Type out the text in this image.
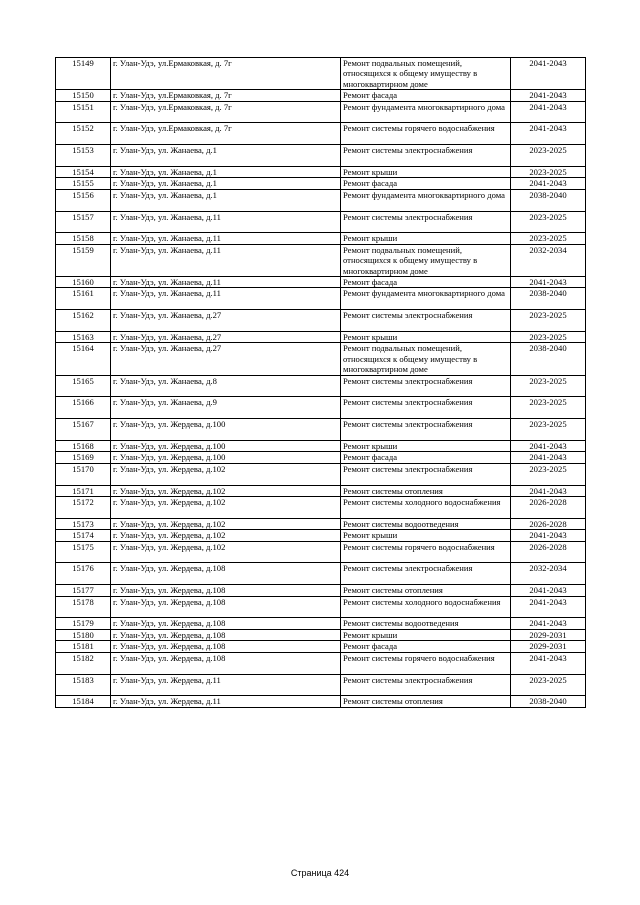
15149	г. Улан-Удэ, ул.Ермаковкая, д. 7г	Ремонт подвальных помещений, относящихся к общему имуществу в многоквартирном доме	2041-2043
15150	г. Улан-Удэ, ул.Ермаковкая, д. 7г	Ремонт фасада	2041-2043
15151	г. Улан-Удэ, ул.Ермаковкая, д. 7г	Ремонт фундамента многоквартирного дома	2041-2043
15152	г. Улан-Удэ, ул.Ермаковкая, д. 7г	Ремонт системы горячего водоснабжения	2041-2043
15153	г. Улан-Удэ, ул. Жанаева, д.1	Ремонт системы электроснабжения	2023-2025
15154	г. Улан-Удэ, ул. Жанаева, д.1	Ремонт крыши	2023-2025
15155	г. Улан-Удэ, ул. Жанаева, д.1	Ремонт фасада	2041-2043
15156	г. Улан-Удэ, ул. Жанаева, д.1	Ремонт фундамента многоквартирного дома	2038-2040
15157	г. Улан-Удэ, ул. Жанаева, д.11	Ремонт системы электроснабжения	2023-2025
15158	г. Улан-Удэ, ул. Жанаева, д.11	Ремонт крыши	2023-2025
15159	г. Улан-Удэ, ул. Жанаева, д.11	Ремонт подвальных помещений, относящихся к общему имуществу в многоквартирном доме	2032-2034
15160	г. Улан-Удэ, ул. Жанаева, д.11	Ремонт фасада	2041-2043
15161	г. Улан-Удэ, ул. Жанаева, д.11	Ремонт фундамента многоквартирного дома	2038-2040
15162	г. Улан-Удэ, ул. Жанаева, д.27	Ремонт системы электроснабжения	2023-2025
15163	г. Улан-Удэ, ул. Жанаева, д.27	Ремонт крыши	2023-2025
15164	г. Улан-Удэ, ул. Жанаева, д.27	Ремонт подвальных помещений, относящихся к общему имуществу в многоквартирном доме	2038-2040
15165	г. Улан-Удэ, ул. Жанаева, д.8	Ремонт системы электроснабжения	2023-2025
15166	г. Улан-Удэ, ул. Жанаева, д.9	Ремонт системы электроснабжения	2023-2025
15167	г. Улан-Удэ, ул. Жердева, д.100	Ремонт системы электроснабжения	2023-2025
15168	г. Улан-Удэ, ул. Жердева, д.100	Ремонт крыши	2041-2043
15169	г. Улан-Удэ, ул. Жердева, д.100	Ремонт фасада	2041-2043
15170	г. Улан-Удэ, ул. Жердева, д.102	Ремонт системы электроснабжения	2023-2025
15171	г. Улан-Удэ, ул. Жердева, д.102	Ремонт системы отопления	2041-2043
15172	г. Улан-Удэ, ул. Жердева, д.102	Ремонт системы холодного водоснабжения	2026-2028
15173	г. Улан-Удэ, ул. Жердева, д.102	Ремонт системы водоотведения	2026-2028
15174	г. Улан-Удэ, ул. Жердева, д.102	Ремонт крыши	2041-2043
15175	г. Улан-Удэ, ул. Жердева, д.102	Ремонт системы горячего водоснабжения	2026-2028
15176	г. Улан-Удэ, ул. Жердева, д.108	Ремонт системы электроснабжения	2032-2034
15177	г. Улан-Удэ, ул. Жердева, д.108	Ремонт системы отопления	2041-2043
15178	г. Улан-Удэ, ул. Жердева, д.108	Ремонт системы холодного водоснабжения	2041-2043
15179	г. Улан-Удэ, ул. Жердева, д.108	Ремонт системы водоотведения	2041-2043
15180	г. Улан-Удэ, ул. Жердева, д.108	Ремонт крыши	2029-2031
15181	г. Улан-Удэ, ул. Жердева, д.108	Ремонт фасада	2029-2031
15182	г. Улан-Удэ, ул. Жердева, д.108	Ремонт системы горячего водоснабжения	2041-2043
15183	г. Улан-Удэ, ул. Жердева, д.11	Ремонт системы электроснабжения	2023-2025
15184	г. Улан-Удэ, ул. Жердева, д.11	Ремонт системы отопления	2038-2040
Страница 424
